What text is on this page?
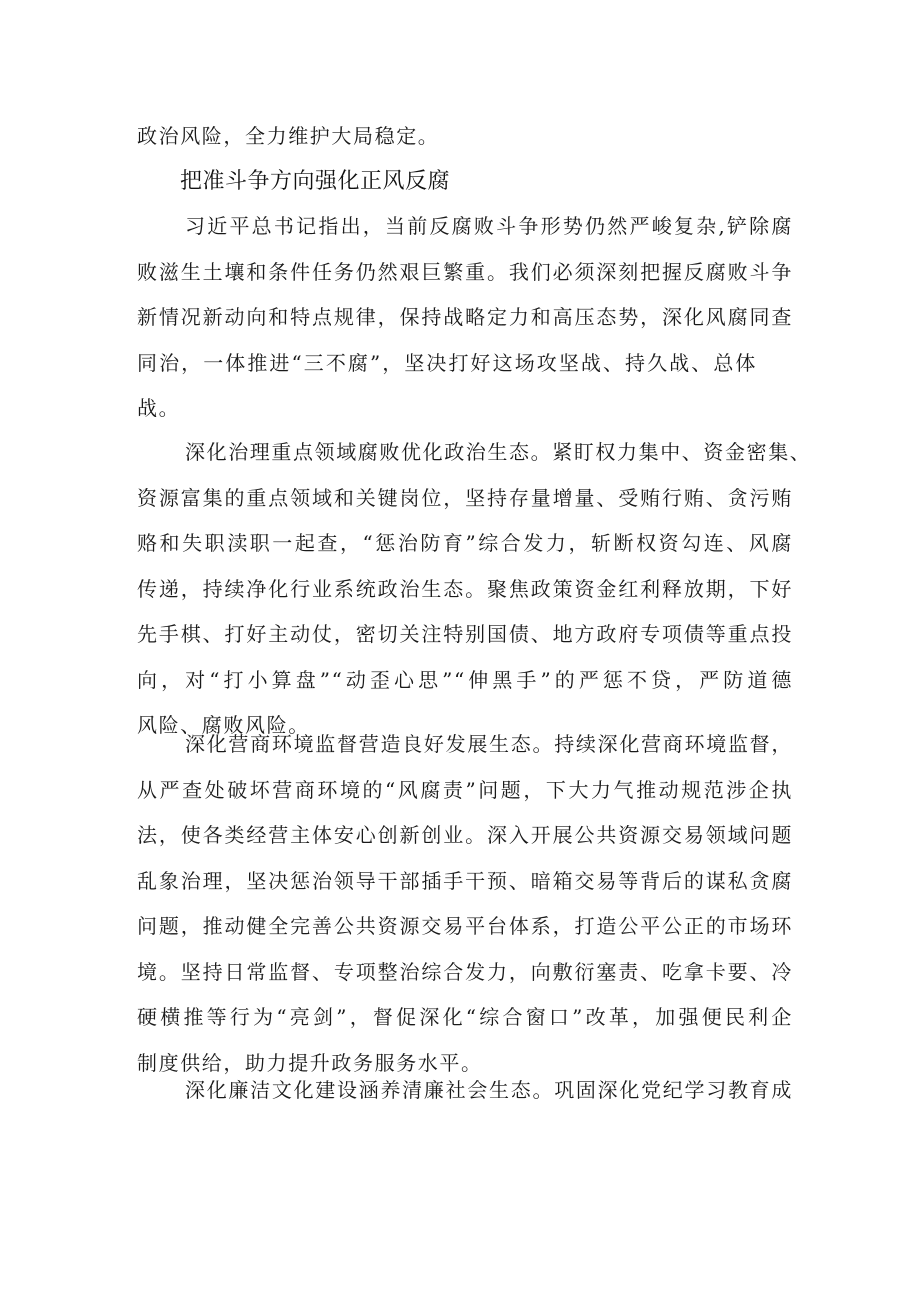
政治风险，全力维护大局稳定。
把准斗争方向强化正风反腐
习近平总书记指出，当前反腐败斗争形势仍然严峻复杂,铲除腐
败滋生土壤和条件任务仍然艰巨繁重。我们必须深刻把握反腐败斗争
新情况新动向和特点规律，保持战略定力和高压态势，深化风腐同查
同治，一体推进“三不腐”，坚决打好这场攻坚战、持久战、总体
战。
深化治理重点领域腐败优化政治生态。紧盯权力集中、资金密集、
资源富集的重点领域和关键岗位，坚持存量增量、受贿行贿、贪污贿
赂和失职渎职一起查，“惩治防育”综合发力，斩断权资勾连、风腐
传递，持续净化行业系统政治生态。聚焦政策资金红利释放期，下好
先手棋、打好主动仗，密切关注特别国债、地方政府专项债等重点投
向，对“打小算盘”“动歪心思”“伸黑手”的严惩不贷，严防道德
风险、腐败风险。
深化营商环境监督营造良好发展生态。持续深化营商环境监督，
从严查处破坏营商环境的“风腐责”问题，下大力气推动规范涉企执
法，使各类经营主体安心创新创业。深入开展公共资源交易领域问题
乱象治理，坚决惩治领导干部插手干预、暗箱交易等背后的谋私贪腐
问题，推动健全完善公共资源交易平台体系，打造公平公正的市场环
境。坚持日常监督、专项整治综合发力，向敷衍塞责、吃拿卡要、冷
硬横推等行为“亮剑”，督促深化“综合窗口”改革，加强便民利企
制度供给，助力提升政务服务水平。
深化廉洁文化建设涵养清廉社会生态。巩固深化党纪学习教育成
